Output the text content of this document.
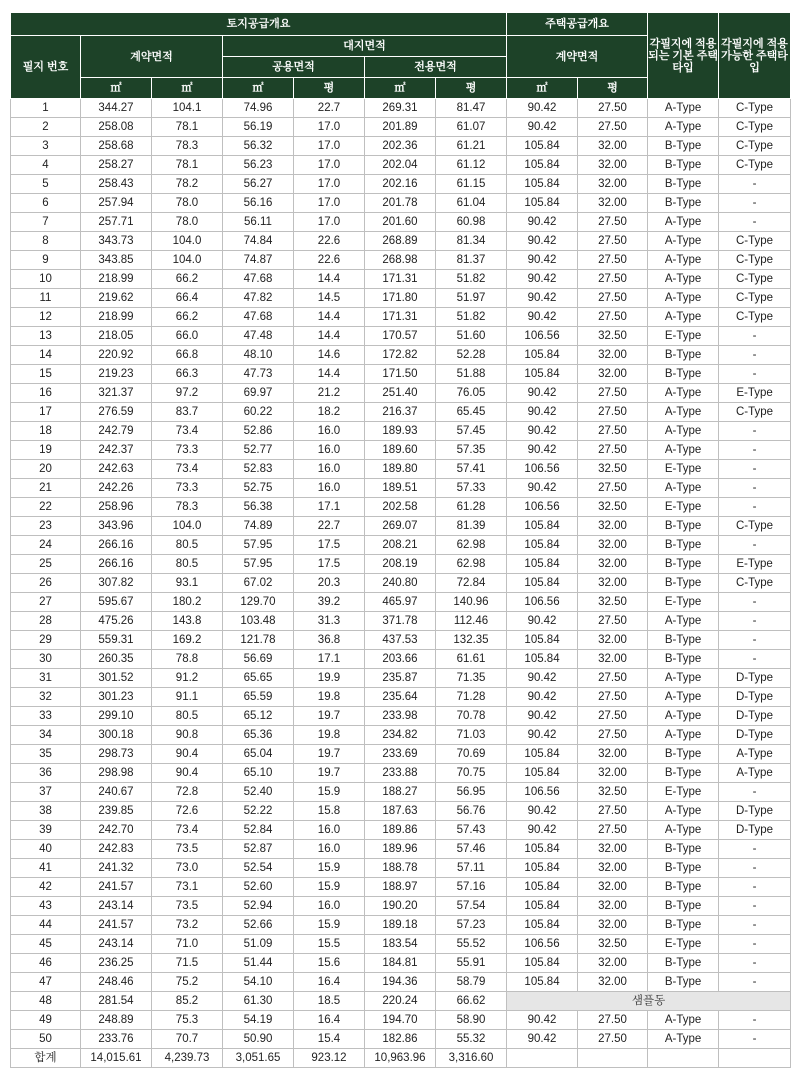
토지공급개요							주택공급개요		각필지에 적용되는 기본 주택 타입	각필지에 적용가능한 주택타입
필지 번호	계약면적		대지면적				계약면적			
			공용면적		전용면적					
	㎡	㎡	㎡	평	㎡	평	㎡	평		
1	344.27	104.1	74.96	22.7	269.31	81.47	90.42	27.50	A-Type	C-Type
2	258.08	78.1	56.19	17.0	201.89	61.07	90.42	27.50	A-Type	C-Type
3	258.68	78.3	56.32	17.0	202.36	61.21	105.84	32.00	B-Type	C-Type
4	258.27	78.1	56.23	17.0	202.04	61.12	105.84	32.00	B-Type	C-Type
5	258.43	78.2	56.27	17.0	202.16	61.15	105.84	32.00	B-Type	-
6	257.94	78.0	56.16	17.0	201.78	61.04	105.84	32.00	B-Type	-
7	257.71	78.0	56.11	17.0	201.60	60.98	90.42	27.50	A-Type	-
8	343.73	104.0	74.84	22.6	268.89	81.34	90.42	27.50	A-Type	C-Type
9	343.85	104.0	74.87	22.6	268.98	81.37	90.42	27.50	A-Type	C-Type
10	218.99	66.2	47.68	14.4	171.31	51.82	90.42	27.50	A-Type	C-Type
11	219.62	66.4	47.82	14.5	171.80	51.97	90.42	27.50	A-Type	C-Type
12	218.99	66.2	47.68	14.4	171.31	51.82	90.42	27.50	A-Type	C-Type
13	218.05	66.0	47.48	14.4	170.57	51.60	106.56	32.50	E-Type	-
14	220.92	66.8	48.10	14.6	172.82	52.28	105.84	32.00	B-Type	-
15	219.23	66.3	47.73	14.4	171.50	51.88	105.84	32.00	B-Type	-
16	321.37	97.2	69.97	21.2	251.40	76.05	90.42	27.50	A-Type	E-Type
17	276.59	83.7	60.22	18.2	216.37	65.45	90.42	27.50	A-Type	C-Type
18	242.79	73.4	52.86	16.0	189.93	57.45	90.42	27.50	A-Type	-
19	242.37	73.3	52.77	16.0	189.60	57.35	90.42	27.50	A-Type	-
20	242.63	73.4	52.83	16.0	189.80	57.41	106.56	32.50	E-Type	-
21	242.26	73.3	52.75	16.0	189.51	57.33	90.42	27.50	A-Type	-
22	258.96	78.3	56.38	17.1	202.58	61.28	106.56	32.50	E-Type	-
23	343.96	104.0	74.89	22.7	269.07	81.39	105.84	32.00	B-Type	C-Type
24	266.16	80.5	57.95	17.5	208.21	62.98	105.84	32.00	B-Type	-
25	266.16	80.5	57.95	17.5	208.19	62.98	105.84	32.00	B-Type	E-Type
26	307.82	93.1	67.02	20.3	240.80	72.84	105.84	32.00	B-Type	C-Type
27	595.67	180.2	129.70	39.2	465.97	140.96	106.56	32.50	E-Type	-
28	475.26	143.8	103.48	31.3	371.78	112.46	90.42	27.50	A-Type	-
29	559.31	169.2	121.78	36.8	437.53	132.35	105.84	32.00	B-Type	-
30	260.35	78.8	56.69	17.1	203.66	61.61	105.84	32.00	B-Type	-
31	301.52	91.2	65.65	19.9	235.87	71.35	90.42	27.50	A-Type	D-Type
32	301.23	91.1	65.59	19.8	235.64	71.28	90.42	27.50	A-Type	D-Type
33	299.10	80.5	65.12	19.7	233.98	70.78	90.42	27.50	A-Type	D-Type
34	300.18	90.8	65.36	19.8	234.82	71.03	90.42	27.50	A-Type	D-Type
35	298.73	90.4	65.04	19.7	233.69	70.69	105.84	32.00	B-Type	A-Type
36	298.98	90.4	65.10	19.7	233.88	70.75	105.84	32.00	B-Type	A-Type
37	240.67	72.8	52.40	15.9	188.27	56.95	106.56	32.50	E-Type	-
38	239.85	72.6	52.22	15.8	187.63	56.76	90.42	27.50	A-Type	D-Type
39	242.70	73.4	52.84	16.0	189.86	57.43	90.42	27.50	A-Type	D-Type
40	242.83	73.5	52.87	16.0	189.96	57.46	105.84	32.00	B-Type	-
41	241.32	73.0	52.54	15.9	188.78	57.11	105.84	32.00	B-Type	-
42	241.57	73.1	52.60	15.9	188.97	57.16	105.84	32.00	B-Type	-
43	243.14	73.5	52.94	16.0	190.20	57.54	105.84	32.00	B-Type	-
44	241.57	73.2	52.66	15.9	189.18	57.23	105.84	32.00	B-Type	-
45	243.14	71.0	51.09	15.5	183.54	55.52	106.56	32.50	E-Type	-
46	236.25	71.5	51.44	15.6	184.81	55.91	105.84	32.00	B-Type	-
47	248.46	75.2	54.10	16.4	194.36	58.79	105.84	32.00	B-Type	-
48	281.54	85.2	61.30	18.5	220.24	66.62	샘플동			
49	248.89	75.3	54.19	16.4	194.70	58.90	90.42	27.50	A-Type	-
50	233.76	70.7	50.90	15.4	182.86	55.32	90.42	27.50	A-Type	-
합계	14,015.61	4,239.73	3,051.65	923.12	10,963.96	3,316.60				
